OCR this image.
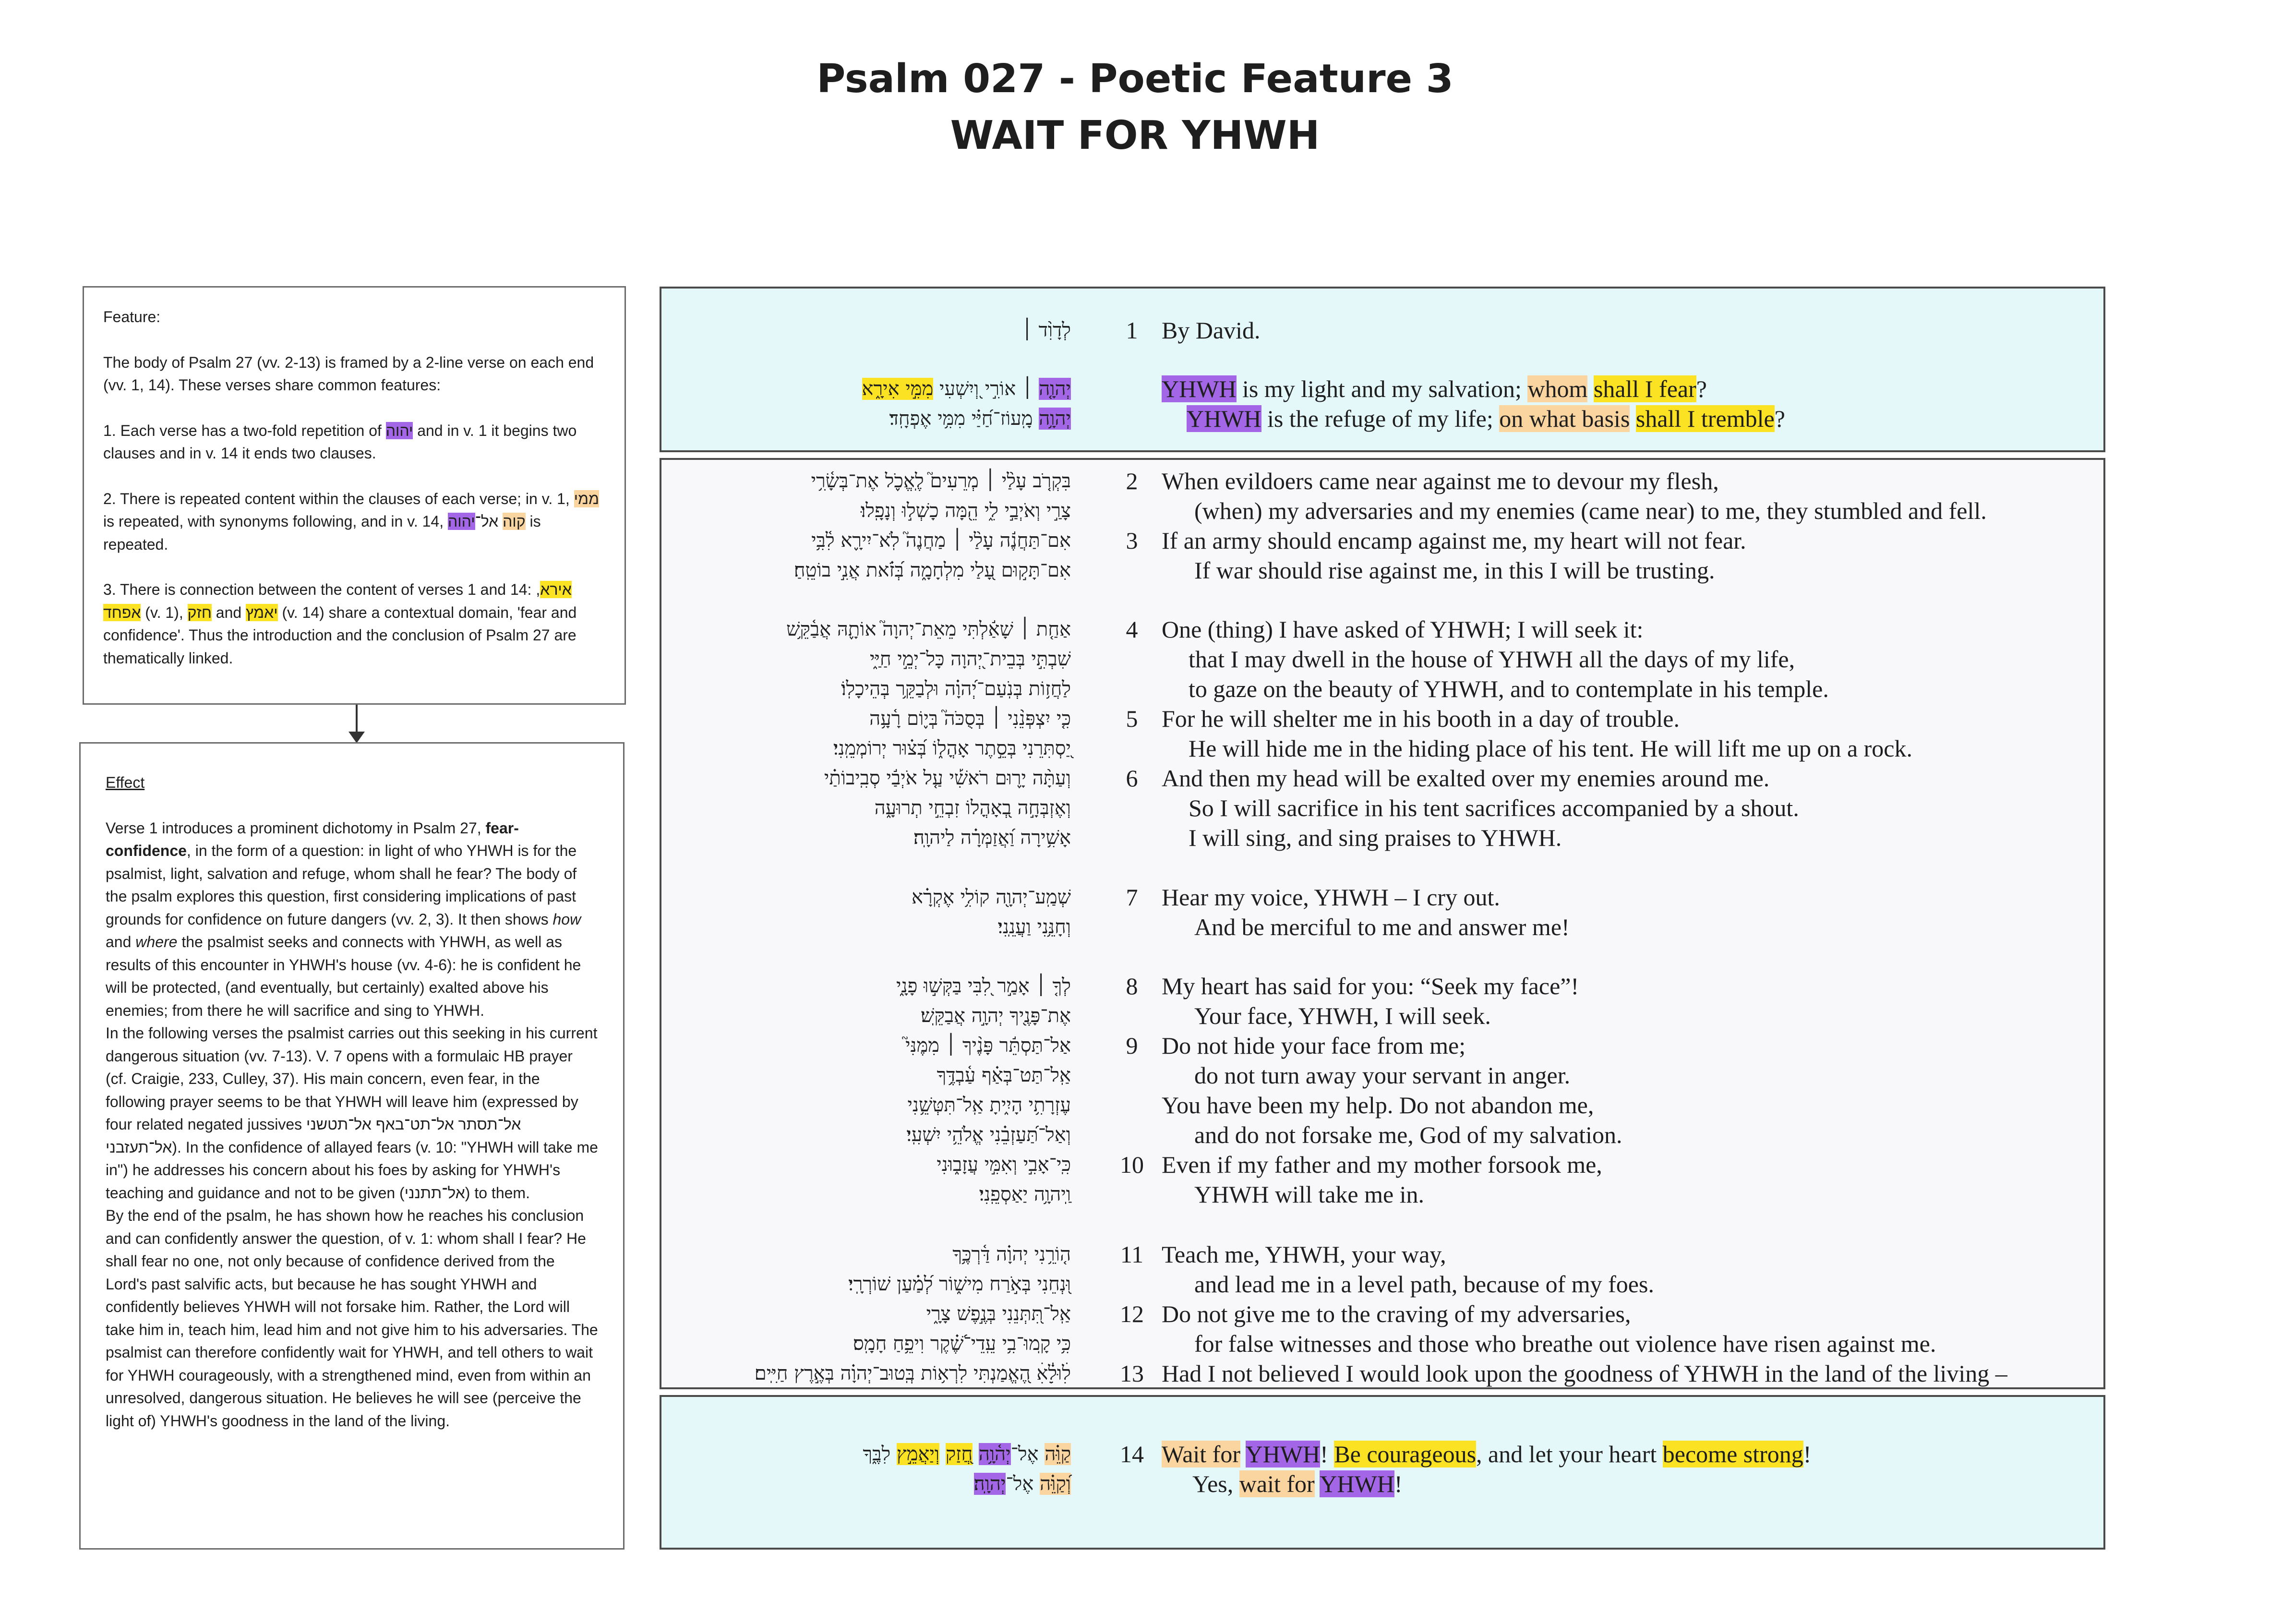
Psalm 027 - Poetic Feature 3
WAIT FOR YHWH

Feature:

The body of Psalm 27 (vv. 2-13) is framed by a 2-line verse on each end (vv. 1, 14). These verses share common features:

1. Each verse has a two-fold repetition of יהוה and in v. 1 it begins two clauses and in v. 14 it ends two clauses.

2. There is repeated content within the clauses of each verse; in v. 1, ממי is repeated, with synonyms following, and in v. 14,	קוה אל־יהוה	is repeated.

3. There is connection between the content of verses 1 and 14: אירא, אפחד (v. 1), חזק and יאמץ (v. 14) share a contextual domain, 'fear and confidence'. Thus the introduction and the conclusion of Psalm 27 are thematically linked.

Effect

Verse 1 introduces a prominent dichotomy in Psalm 27, fear-confidence, in the form of a question: in light of who YHWH is for the psalmist, light, salvation and refuge, whom shall he fear? The body of the psalm explores this question, first considering implications of past grounds for confidence on future dangers (vv. 2, 3). It then shows how and where the psalmist seeks and connects with YHWH, as well as results of this encounter in YHWH's house (vv. 4-6): he is confident he will be protected, (and eventually, but certainly) exalted above his enemies; from there he will sacrifice and sing to YHWH.

In the following verses the psalmist carries out this seeking in his current dangerous situation (vv. 7-13). V. 7 opens with a formulaic HB prayer (cf. Craigie, 233, Culley, 37). His main concern, even fear, in the following prayer seems to be that YHWH will leave him (expressed by four related negated jussives אל־תסתר אל־תט־באף אל־תטשני אל־תעזבני). In the confidence of allayed fears (v. 10: "YHWH will take me in") he addresses his concern about his foes by asking for YHWH's teaching and guidance and not to be given (אל־תתנני) to them.

By the end of the psalm, he has shown how he reaches his conclusion and can confidently answer the question, of v. 1: whom shall I fear? He shall fear no one, not only because of confidence derived from the Lord's past salvific acts, but because he has sought YHWH and confidently believes YHWH will not forsake him. Rather, the Lord will take him in, teach him, lead him and not give him to his adversaries. The psalmist can therefore confidently wait for YHWH, and tell others to wait for YHWH courageously, with a strengthened mind, even from within an unresolved, dangerous situation. He believes he will see (perceive the light of) YHWH's goodness in the land of the living.

לְדָוִ֨ד ׀	1 By David.
יְהוָ֤ה ׀ אוֹרִ֣י וְ֭יִשְׁעִי מִמִּ֣י אִירָ֑א	YHWH is my light and my salvation; whom shall I fear?
יְהוָ֥ה מָֽעוֹז־חַ֝יַּ֗י מִמִּ֥י אֶפְחָֽד׃	YHWH is the refuge of my life; on what basis shall I tremble?
בִּקְרֹ֤ב עָלַ֨י ׀ מְרֵעִים֮ לֶֽאֱכֹ֪ל אֶת־בְּשָׂ֫רִ֥י	2 When evildoers came near against me to devour my flesh,
צָרַ֣י וְאֹיְבַ֣י לִ֑י הֵ֖מָּה כָשְׁל֣וּ וְנָפָֽלוּ׃	(when) my adversaries and my enemies (came near) to me, they stumbled and fell.
אִם־תַּחֲנֶ֬ה עָלַ֨י ׀ מַחֲנֶה֮ לֹֽא־יִירָ֪א לִ֫בִּ֥י	3 If an army should encamp against me, my heart will not fear.
אִם־תָּק֣וּם עָ֭לַי מִלְחָמָ֑ה בְּ֝זֹ֗את אֲנִ֣י בוֹטֵֽחַ׃	If war should rise against me, in this I will be trusting.
אַחַ֤ת ׀ שָׁאַ֬לְתִּי מֵאֵת־יְהוָה֮ אוֹתָ֪הּ אֲבַ֫קֵּ֥שׁ	4 One (thing) I have asked of YHWH; I will seek it:
שִׁבְתִּ֣י בְּבֵית־יְ֭הוָה כָּל־יְמֵ֣י חַיַּ֑י	that I may dwell in the house of YHWH all the days of my life,
לַחֲז֥וֹת בְּנֹֽעַם־יְ֝הוָ֗ה וּלְבַקֵּ֥ר בְּהֵיכָלֽוֹ׃	to gaze on the beauty of YHWH, and to contemplate in his temple.
כִּ֤י יִצְפְּנֵ֨נִי ׀ בְּסֻכֹּה֮ בְּי֪וֹם רָ֫עָ֥ה	5 For he will shelter me in his booth in a day of trouble.
יַ֭סְתִּרֵנִי בְּסֵ֣תֶר אָהֳל֑וֹ בְּ֝צ֗וּר יְרוֹמְמֵֽנִי׃	He will hide me in the hiding place of his tent. He will lift me up on a rock.
וְעַתָּ֨ה יָר֪וּם רֹאשִׁ֡י עַ֤ל אֹיְבַ֬י סְבִֽיבוֹתַ֗י	6 And then my head will be exalted over my enemies around me.
וְאֶזְבְּחָ֣ה בְ֭אָהֳלוֹ זִבְחֵ֣י תְרוּעָ֑ה	So I will sacrifice in his tent sacrifices accompanied by a shout.
אָשִׁ֥ירָה וַ֝אֲזַמְּרָ֗ה לַיהוָֽה׃	I will sing, and sing praises to YHWH.
שְׁמַֽע־יְהוָ֖ה קוֹלִ֥י אֶקְרָ֗א	7 Hear my voice, YHWH – I cry out.
וְחָנֵּ֥נִי וַעֲנֵֽנִי׃	And be merciful to me and answer me!
לְךָ֤ ׀ אָמַ֣ר לִ֭בִּי בַּקְּשׁ֣וּ פָנָ֑י	8 My heart has said for you: “Seek my face”!
אֶת־פָּנֶ֖יךָ יְהוָ֣ה אֲבַקֵּֽשׁ׃	Your face, YHWH, I will seek.
אַל־תַּסְתֵּ֬ר פָּנֶ֨יךָ ׀ מִמֶּנִּי֮	9 Do not hide your face from me;
אַֽל־תַּט־בְּאַ֗ף עַ֫בְדֶּ֥ךָ	do not turn away your servant in anger.
עֶזְרָתִ֥י הָיִ֑יתָ אַֽל־תִּטְּשֵׁ֥נִי	You have been my help. Do not abandon me,
וְאַל־תַּ֝עַזְבֵ֗נִי אֱלֹהֵ֥י יִשְׁעִֽי׃	and do not forsake me, God of my salvation.
כִּֽי־אָבִ֣י וְאִמִּ֣י עֲזָב֑וּנִי	10 Even if my father and my mother forsook me,
וַֽיהוָ֥ה יַאַסְפֵֽנִי׃	YHWH will take me in.
ה֤וֹרֵ֥נִי יְהוָ֗ה דַּ֫רְכֶּ֥ךָ	11 Teach me, YHWH, your way,
וּ֭נְחֵנִי בְּאֹ֣רַח מִישׁ֑וֹר לְ֝מַ֗עַן שׁוֹרְרָֽי׃	and lead me in a level path, because of my foes.
אַֽל־תִּ֭תְּנֵנִי בְּנֶ֣פֶשׁ צָרָ֑י	12 Do not give me to the craving of my adversaries,
כִּ֥י קָֽמוּ־בִ֥י עֵֽדֵי־שֶׁ֝֗קֶר וִיפֵ֥חַ חָמָֽס׃	for false witnesses and those who breathe out violence have risen against me.
לׅׄוּלֵׅׄ֗אׅׄ הֶ֭אֱמַנְתִּי לִרְא֥וֹת בְּֽטוּב־יְהוָ֗ה בְּאֶ֣רֶץ חַיִּֽים׃	13 Had I not believed I would look upon the goodness of YHWH in the land of the living –
קַוֵּ֗ה אֶל־יְה֫וָ֥ה חֲ֭זַק וְיַאֲמֵ֣ץ לִבֶּ֑ךָ	14 Wait for YHWH! Be courageous, and let your heart become strong!
וְ֝קַוֵּ֗ה אֶל־יְהוָֽה׃	Yes, wait for YHWH!
